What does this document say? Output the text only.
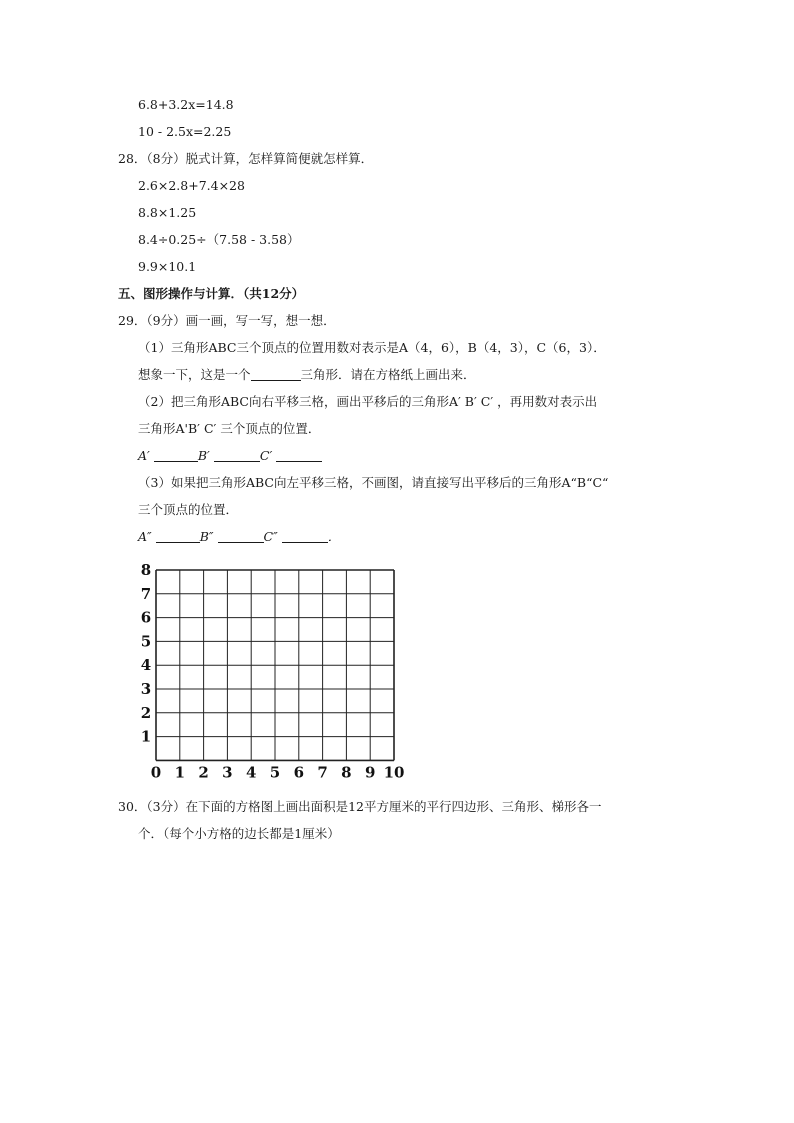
6.8+3.2x=14.8
10 - 2.5x=2.25
28．（8分）脱式计算，怎样算简便就怎样算．
2.6×2.8+7.4×28
8.8×1.25
8.4÷0.25÷（7.58 - 3.58）
9.9×10.1
五、图形操作与计算．（共12分）
29．（9分）画一画，写一写，想一想．
（1）三角形ABC三个顶点的位置用数对表示是A（4，6），B（4，3），C（6，3）．
想象一下，这是一个	三角形．请在方格纸上画出来．
（2）把三角形ABC向右平移三格，画出平移后的三角形A′ B′ C′ ，再用数对表示出
三角形A'B′ C′ 三个顶点的位置．
A′	B′	C′
（3）如果把三角形ABC向左平移三格，不画图，请直接写出平移后的三角形A“B“C“
三个顶点的位置．
A″	B″	C″	．
0 1 2 3 4 5 6 7 8 9 10
1
2
3
4
5
6
7
8
30．（3分）在下面的方格图上画出面积是12平方厘米的平行四边形、三角形、梯形各一
个．（每个小方格的边长都是1厘米）
